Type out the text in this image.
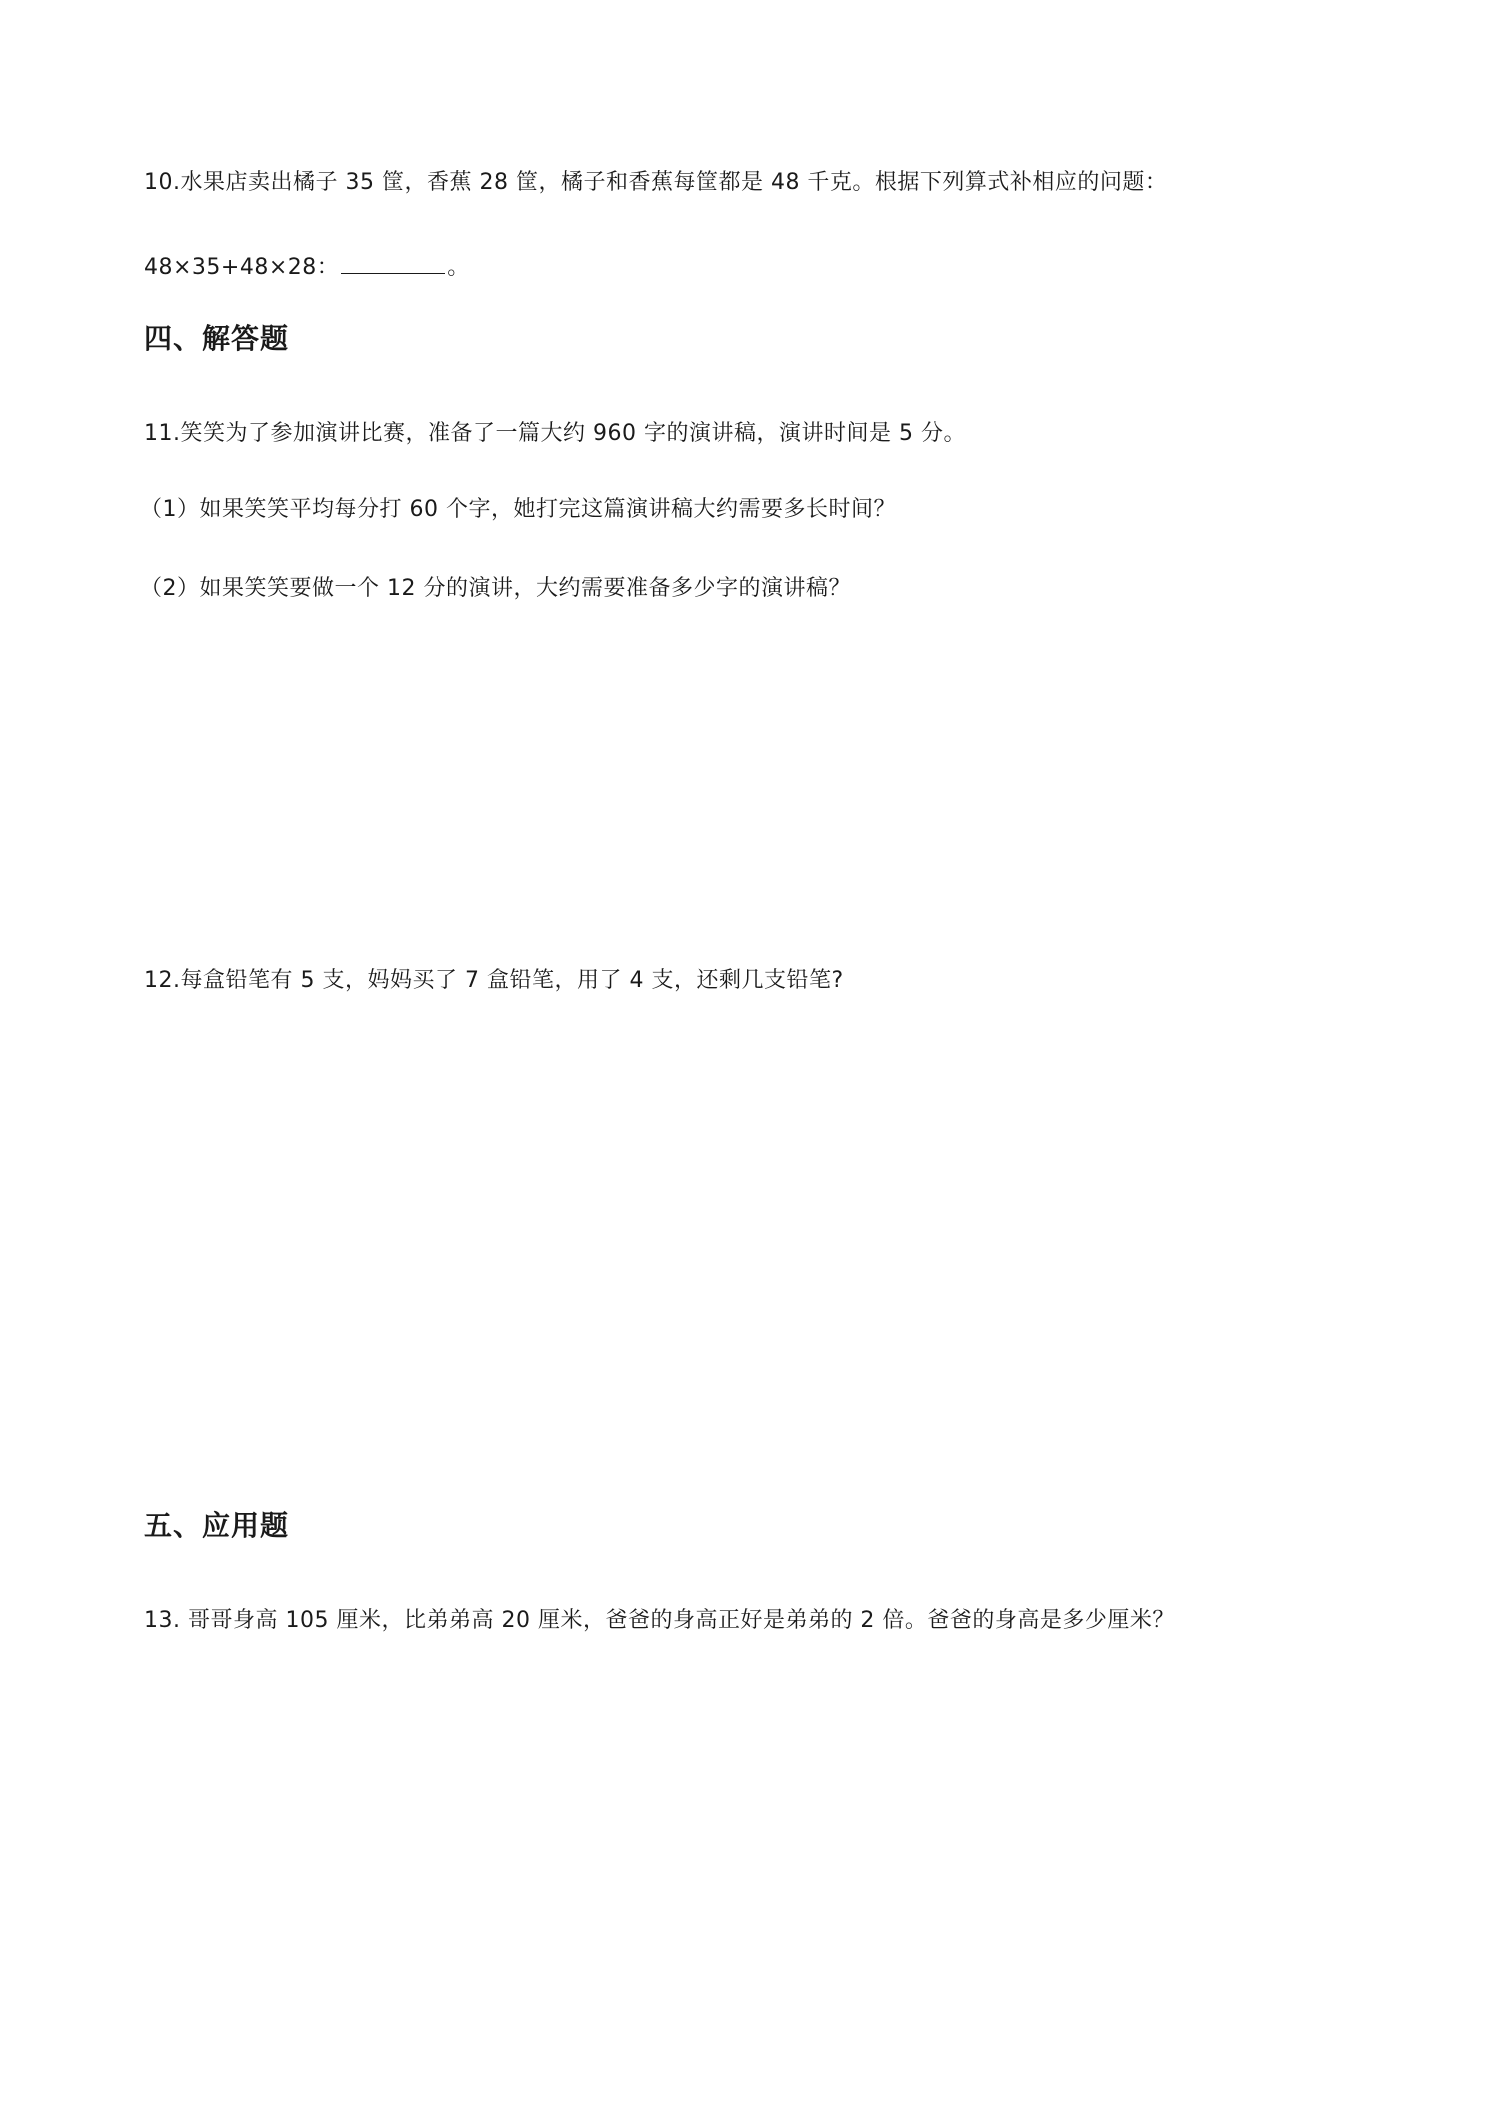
10.水果店卖出橘子 35 筐，香蕉 28 筐，橘子和香蕉每筐都是 48 千克。根据下列算式补相应的问题：
48×35+48×28：	。
四、解答题
11.笑笑为了参加演讲比赛，准备了一篇大约 960 字的演讲稿，演讲时间是 5 分。
（1）如果笑笑平均每分打 60 个字，她打完这篇演讲稿大约需要多长时间？
（2）如果笑笑要做一个 12 分的演讲，大约需要准备多少字的演讲稿？
12.每盒铅笔有 5 支，妈妈买了 7 盒铅笔，用了 4 支，还剩几支铅笔?
五、应用题
13. 哥哥身高 105 厘米，比弟弟高 20 厘米，爸爸的身高正好是弟弟的 2 倍。爸爸的身高是多少厘米？
